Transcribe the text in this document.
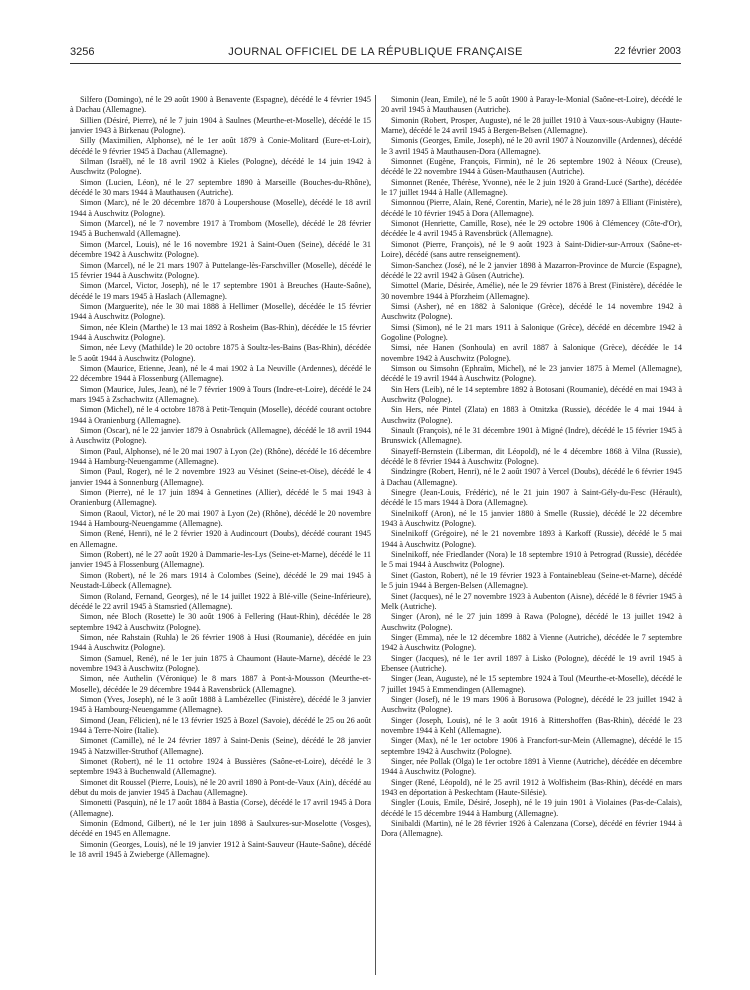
3256	JOURNAL OFFICIEL DE LA RÉPUBLIQUE FRANÇAISE	22 février 2003

Silfero (Domingo), né le 29 août 1900 à Benavente (Espagne), décédé le 4 février 1945 à Dachau (Allemagne).

Sillien (Désiré, Pierre), né le 7 juin 1904 à Saulnes (Meurthe-et-Moselle), décédé le 15 janvier 1943 à Birkenau (Pologne).

Silly (Maximilien, Alphonse), né le 1er août 1879 à Conie-Molitard (Eure-et-Loir), décédé le 9 février 1945 à Dachau (Allemagne).

Silman (Israël), né le 18 avril 1902 à Kieles (Pologne), décédé le 14 juin 1942 à Auschwitz (Pologne).

Simon (Lucien, Léon), né le 27 septembre 1890 à Marseille (Bouches-du-Rhône), décédé le 30 mars 1944 à Mauthausen (Autriche).

Simon (Marc), né le 20 décembre 1870 à Loupershouse (Moselle), décédé le 18 avril 1944 à Auschwitz (Pologne).

Simon (Marcel), né le 7 novembre 1917 à Trombom (Moselle), décédé le 28 février 1945 à Buchenwald (Allemagne).

Simon (Marcel, Louis), né le 16 novembre 1921 à Saint-Ouen (Seine), décédé le 31 décembre 1942 à Auschwitz (Pologne).

Simon (Marcel), né le 21 mars 1907 à Puttelange-lès-Farschviller (Moselle), décédé le 15 février 1944 à Auschwitz (Pologne).

Simon (Marcel, Victor, Joseph), né le 17 septembre 1901 à Breuches (Haute-Saône), décédé le 19 mars 1945 à Haslach (Allemagne).

Simon (Marguerite), née le 30 mai 1888 à Hellimer (Moselle), décédée le 15 février 1944 à Auschwitz (Pologne).

Simon, née Klein (Marthe) le 13 mai 1892 à Rosheim (Bas-Rhin), décédée le 15 février 1944 à Auschwitz (Pologne).

Simon, née Levy (Mathilde) le 20 octobre 1875 à Soultz-les-Bains (Bas-Rhin), décédée le 5 août 1944 à Auschwitz (Pologne).

Simon (Maurice, Etienne, Jean), né le 4 mai 1902 à La Neuville (Ardennes), décédé le 22 décembre 1944 à Flossenburg (Allemagne).

Simon (Maurice, Jules, Jean), né le 7 février 1909 à Tours (Indre-et-Loire), décédé le 24 mars 1945 à Zschachwitz (Allemagne).

Simon (Michel), né le 4 octobre 1878 à Petit-Tenquin (Moselle), décédé courant octobre 1944 à Oranienburg (Allemagne).

Simon (Oscar), né le 22 janvier 1879 à Osnabrück (Allemagne), décédé le 18 avril 1944 à Auschwitz (Pologne).

Simon (Paul, Alphonse), né le 20 mai 1907 à Lyon (2e) (Rhône), décédé le 16 décembre 1944 à Hamburg-Neuengamme (Allemagne).

Simon (Paul, Roger), né le 2 novembre 1923 au Vésinet (Seine-et-Oise), décédé le 4 janvier 1944 à Sonnenburg (Allemagne).

Simon (Pierre), né le 17 juin 1894 à Gennetines (Allier), décédé le 5 mai 1943 à Oranienburg (Allemagne).

Simon (Raoul, Victor), né le 20 mai 1907 à Lyon (2e) (Rhône), décédé le 20 novembre 1944 à Hambourg-Neuengamme (Allemagne).

Simon (René, Henri), né le 2 février 1920 à Audincourt (Doubs), décédé courant 1945 en Allemagne.

Simon (Robert), né le 27 août 1920 à Dammarie-les-Lys (Seine-et-Marne), décédé le 11 janvier 1945 à Flossenburg (Allemagne).

Simon (Robert), né le 26 mars 1914 à Colombes (Seine), décédé le 29 mai 1945 à Neustadt-Lübeck (Allemagne).

Simon (Roland, Fernand, Georges), né le 14 juillet 1922 à Blé-ville (Seine-Inférieure), décédé le 22 avril 1945 à Stamsried (Allemagne).

Simon, née Bloch (Rosette) le 30 août 1906 à Fellering (Haut-Rhin), décédée le 28 septembre 1942 à Auschwitz (Pologne).

Simon, née Rahstain (Ruhla) le 26 février 1908 à Husi (Roumanie), décédée en juin 1944 à Auschwitz (Pologne).

Simon (Samuel, René), né le 1er juin 1875 à Chaumont (Haute-Marne), décédé le 23 novembre 1943 à Auschwitz (Pologne).

Simon, née Authelin (Véronique) le 8 mars 1887 à Pont-à-Mousson (Meurthe-et-Moselle), décédée le 29 décembre 1944 à Ravensbrück (Allemagne).

Simon (Yves, Joseph), né le 3 août 1888 à Lambézellec (Finistère), décédé le 3 janvier 1945 à Hambourg-Neuengamme (Allemagne).

Simond (Jean, Félicien), né le 13 février 1925 à Bozel (Savoie), décédé le 25 ou 26 août 1944 à Terre-Noire (Italie).

Simonet (Camille), né le 24 février 1897 à Saint-Denis (Seine), décédé le 28 janvier 1945 à Natzwiller-Struthof (Allemagne).

Simonet (Robert), né le 11 octobre 1924 à Bussières (Saône-et-Loire), décédé le 3 septembre 1943 à Buchenwald (Allemagne).

Simonet dit Roussel (Pierre, Louis), né le 20 avril 1890 à Pont-de-Vaux (Ain), décédé au début du mois de janvier 1945 à Dachau (Allemagne).

Simonetti (Pasquin), né le 17 août 1884 à Bastia (Corse), décédé le 17 avril 1945 à Dora (Allemagne).

Simonin (Edmond, Gilbert), né le 1er juin 1898 à Saulxures-sur-Moselotte (Vosges), décédé en 1945 en Allemagne.

Simonin (Georges, Louis), né le 19 janvier 1912 à Saint-Sauveur (Haute-Saône), décédé le 18 avril 1945 à Zwieberge (Allemagne).

Simonin (Jean, Emile), né le 5 août 1900 à Paray-le-Monial (Saône-et-Loire), décédé le 20 avril 1945 à Mauthausen (Autriche).

Simonin (Robert, Prosper, Auguste), né le 28 juillet 1910 à Vaux-sous-Aubigny (Haute-Marne), décédé le 24 avril 1945 à Bergen-Belsen (Allemagne).

Simonis (Georges, Emile, Joseph), né le 20 avril 1907 à Nouzonville (Ardennes), décédé le 3 avril 1945 à Mauthausen-Dora (Allemagne).

Simonnet (Eugène, François, Firmin), né le 26 septembre 1902 à Néoux (Creuse), décédé le 22 novembre 1944 à Güsen-Mauthausen (Autriche).

Simonnet (Renée, Thérèse, Yvonne), née le 2 juin 1920 à Grand-Lucé (Sarthe), décédée le 17 juillet 1944 à Halle (Allemagne).

Simonnou (Pierre, Alain, René, Corentin, Marie), né le 28 juin 1897 à Elliant (Finistère), décédé le 10 février 1945 à Dora (Allemagne).

Simonot (Henriette, Camille, Rose), née le 29 octobre 1906 à Clémencey (Côte-d'Or), décédée le 4 avril 1945 à Ravensbrück (Allemagne).

Simonot (Pierre, François), né le 9 août 1923 à Saint-Didier-sur-Arroux (Saône-et-Loire), décédé (sans autre renseignement).

Simon-Sanchez (José), né le 2 janvier 1898 à Mazarron-Province de Murcie (Espagne), décédé le 22 avril 1942 à Güsen (Autriche).

Simottel (Marie, Désirée, Amélie), née le 29 février 1876 à Brest (Finistère), décédée le 30 novembre 1944 à Pforzheim (Allemagne).

Simsi (Asher), né en 1882 à Salonique (Grèce), décédé le 14 novembre 1942 à Auschwitz (Pologne).

Simsi (Simon), né le 21 mars 1911 à Salonique (Grèce), décédé en décembre 1942 à Gogoline (Pologne).

Simsi, née Hanen (Sonhoula) en avril 1887 à Salonique (Grèce), décédée le 14 novembre 1942 à Auschwitz (Pologne).

Simson ou Simsohn (Ephraïm, Michel), né le 23 janvier 1875 à Memel (Allemagne), décédé le 19 avril 1944 à Auschwitz (Pologne).

Sin Hers (Leib), né le 14 septembre 1892 à Botosani (Roumanie), décédé en mai 1943 à Auschwitz (Pologne).

Sin Hers, née Pintel (Zlata) en 1883 à Otnitzka (Russie), décédée le 4 mai 1944 à Auschwitz (Pologne).

Sinault (François), né le 31 décembre 1901 à Migné (Indre), décédé le 15 février 1945 à Brunswick (Allemagne).

Sinayeff-Bernstein (Liberman, dit Léopold), né le 4 décembre 1868 à Vilna (Russie), décédé le 8 février 1944 à Auschwitz (Pologne).

Sindzingre (Robert, Henri), né le 2 août 1907 à Vercel (Doubs), décédé le 6 février 1945 à Dachau (Allemagne).

Sinegre (Jean-Louis, Frédéric), né le 21 juin 1907 à Saint-Gély-du-Fesc (Hérault), décédé le 15 mars 1944 à Dora (Allemagne).

Sinelnikoff (Aron), né le 15 janvier 1880 à Smelle (Russie), décédé le 22 décembre 1943 à Auschwitz (Pologne).

Sinelnikoff (Grégoire), né le 21 novembre 1893 à Karkoff (Russie), décédé le 5 mai 1944 à Auschwitz (Pologne).

Sinelnikoff, née Friedlander (Nora) le 18 septembre 1910 à Petrograd (Russie), décédée le 5 mai 1944 à Auschwitz (Pologne).

Sinet (Gaston, Robert), né le 19 février 1923 à Fontainebleau (Seine-et-Marne), décédé le 5 juin 1944 à Bergen-Belsen (Allemagne).

Sinet (Jacques), né le 27 novembre 1923 à Aubenton (Aisne), décédé le 8 février 1945 à Melk (Autriche).

Singer (Aron), né le 27 juin 1899 à Rawa (Pologne), décédé le 13 juillet 1942 à Auschwitz (Pologne).

Singer (Emma), née le 12 décembre 1882 à Vienne (Autriche), décédée le 7 septembre 1942 à Auschwitz (Pologne).

Singer (Jacques), né le 1er avril 1897 à Lisko (Pologne), décédé le 19 avril 1945 à Ebensee (Autriche).

Singer (Jean, Auguste), né le 15 septembre 1924 à Toul (Meurthe-et-Moselle), décédé le 7 juillet 1945 à Emmendingen (Allemagne).

Singer (Josef), né le 19 mars 1906 à Borusowa (Pologne), décédé le 23 juillet 1942 à Auschwitz (Pologne).

Singer (Joseph, Louis), né le 3 août 1916 à Rittershoffen (Bas-Rhin), décédé le 23 novembre 1944 à Kehl (Allemagne).

Singer (Max), né le 1er octobre 1906 à Francfort-sur-Mein (Allemagne), décédé le 15 septembre 1942 à Auschwitz (Pologne).

Singer, née Pollak (Olga) le 1er octobre 1891 à Vienne (Autriche), décédée en décembre 1944 à Auschwitz (Pologne).

Singer (René, Léopold), né le 25 avril 1912 à Wolfisheim (Bas-Rhin), décédé en mars 1943 en déportation à Peskechtam (Haute-Silésie).

Singler (Louis, Emile, Désiré, Joseph), né le 19 juin 1901 à Violaines (Pas-de-Calais), décédé le 15 décembre 1944 à Hamburg (Allemagne).

Sinibaldi (Martin), né le 28 février 1926 à Calenzana (Corse), décédé en février 1944 à Dora (Allemagne).
